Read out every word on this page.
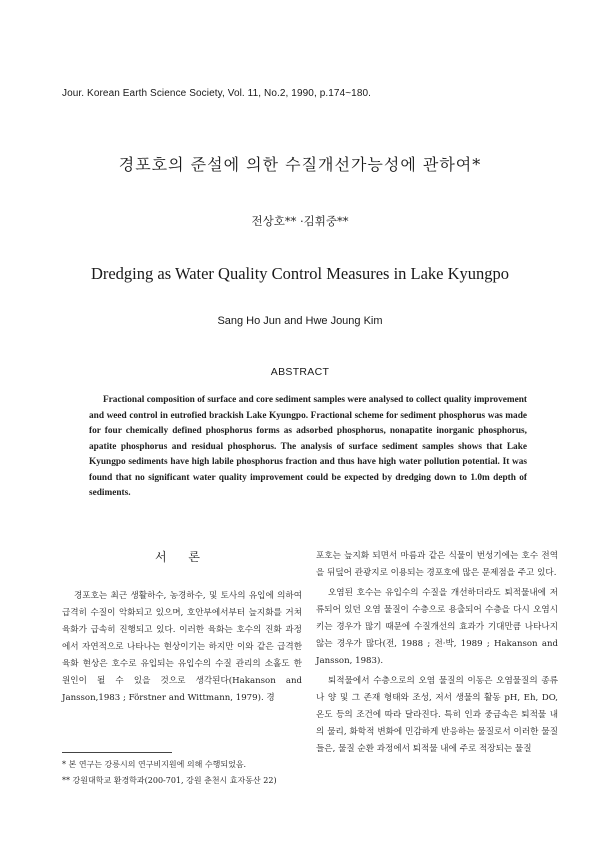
Jour. Korean Earth Science Society, Vol. 11, No.2, 1990, p.174~180.
경포호의 준설에 의한 수질개선가능성에 관하여*
전상호** ·김휘중**
Dredging as Water Quality Control Measures in Lake Kyungpo
Sang Ho Jun and Hwe Joung Kim
ABSTRACT

Fractional composition of surface and core sediment samples were analysed to collect quality improvement and weed control in eutrofied brackish Lake Kyungpo. Fractional scheme for sediment phosphorus was made for four chemically defined phosphorus forms as adsorbed phosphorus, nonapatite inorganic phosphorus, apatite phosphorus and residual phosphorus. The analysis of surface sediment samples shows that Lake Kyungpo sediments have high labile phosphorus fraction and thus have high water pollution potential. It was found that no significant water quality improvement could be expected by dredging down to 1.0m depth of sediments.

서 론

경포호는 최근 생활하수, 농경하수, 및 토사의 유입에 의하여 급격히 수질이 악화되고 있으며, 호안부에서부터 늪지화를 거쳐 육화가 급속히 진행되고 있다. 이러한 육화는 호수의 진화 과정에서 자연적으로 나타나는 현상이기는 하지만 이와 같은 급격한 육화 현상은 호수로 유입되는 유입수의 수질 관리의 소홀도 한 원인이 될 수 있을 것으로 생각된다(Hakanson and Jansson,1983 ; Förstner and Wittmann, 1979). 경

포호는 늪지화 되면서 마름과 같은 식물이 번성기에는 호수 전역을 뒤덮어 관광지로 이용되는 경포호에 많은 문제점을 주고 있다.

오염된 호수는 유입수의 수질을 개선하더라도 퇴적물내에 저류되어 있던 오염 물질이 수층으로 용출되어 수층을 다시 오염시키는 경우가 많기 때문에 수질개선의 효과가 기대만큼 나타나지 않는 경우가 많다(전, 1988 ; 전·박, 1989 ; Hakanson and Jansson, 1983).

퇴적물에서 수층으로의 오염 물질의 이동은 오염물질의 종류나 양 및 그 존재 형태와 조성, 저서 생물의 활동 pH, Eh, DO, 온도 등의 조건에 따라 달라진다. 특히 인과 중금속은 퇴적물 내의 물리, 화학적 변화에 민감하게 반응하는 물질로서 이러한 물질들은, 물질 순환 과정에서 퇴적물 내에 주로 적장되는 물질

* 본 연구는 강릉시의 연구비지원에 의해 수행되었음.

** 강원대학교 환경학과(200-701, 강원 춘천시 효자동산 22)
